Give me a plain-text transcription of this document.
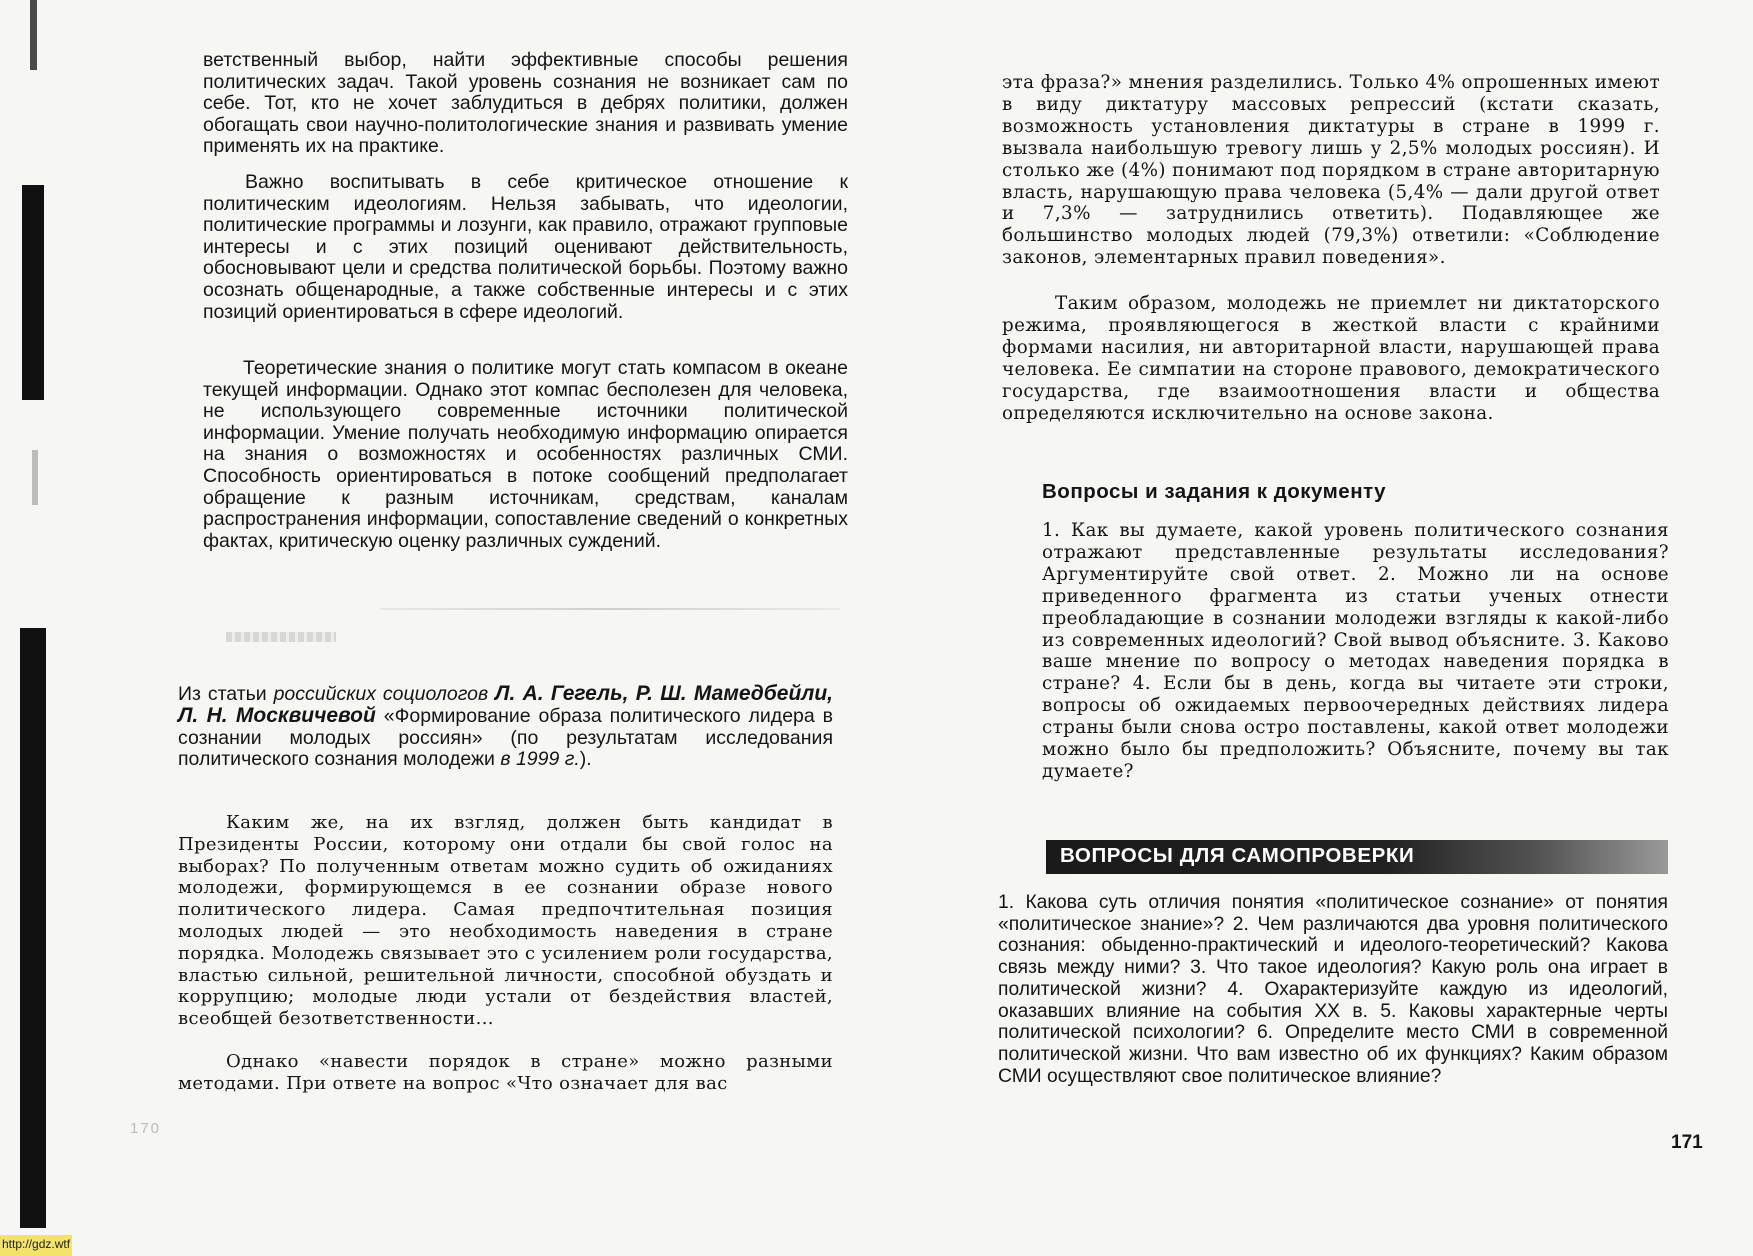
ветственный выбор, найти эффективные способы решения политических задач. Такой уровень сознания не возникает сам по себе. Тот, кто не хочет заблудиться в дебрях политики, должен обогащать свои научно-политологические знания и развивать умение применять их на практике.

Важно воспитывать в себе критическое отношение к политическим идеологиям. Нельзя забывать, что идеологии, политические программы и лозунги, как правило, отражают групповые интересы и с этих позиций оценивают действительность, обосновывают цели и средства политической борьбы. Поэтому важно осознать общенародные, а также собственные интересы и с этих позиций ориентироваться в сфере идеологий.

Теоретические знания о политике могут стать компасом в океане текущей информации. Однако этот компас бесполезен для человека, не использующего современные источники политической информации. Умение получать необходимую информацию опирается на знания о возможностях и особенностях различных СМИ. Способность ориентироваться в потоке сообщений предполагает обращение к разным источникам, средствам, каналам распространения информации, сопоставление сведений о конкретных фактах, критическую оценку различных суждений.

Из статьи российских социологов Л. А. Гегель, Р. Ш. Мамедбейли, Л. Н. Москвичевой «Формирование образа политического лидера в сознании молодых россиян» (по результатам исследования политического сознания молодежи в 1999 г.).

Каким же, на их взгляд, должен быть кандидат в Президенты России, которому они отдали бы свой голос на выборах? По полученным ответам можно судить об ожиданиях молодежи, формирующемся в ее сознании образе нового политического лидера. Самая предпочтительная позиция молодых людей — это необходимость наведения в стране порядка. Молодежь связывает это с усилением роли государства, властью сильной, решительной личности, способной обуздать и коррупцию; молодые люди устали от бездействия властей, всеобщей безответственности...

Однако «навести порядок в стране» можно разными методами. При ответе на вопрос «Что означает для вас

170

http://gdz.wtf

эта фраза?» мнения разделились. Только 4% опрошенных имеют в виду диктатуру массовых репрессий (кстати сказать, возможность установления диктатуры в стране в 1999 г. вызвала наибольшую тревогу лишь у 2,5% молодых россиян). И столько же (4%) понимают под порядком в стране авторитарную власть, нарушающую права человека (5,4% — дали другой ответ и 7,3% — затруднились ответить). Подавляющее же большинство молодых людей (79,3%) ответили: «Соблюдение законов, элементарных правил поведения».

Таким образом, молодежь не приемлет ни диктаторского режима, проявляющегося в жесткой власти с крайними формами насилия, ни авторитарной власти, нарушающей права человека. Ее симпатии на стороне правового, демократического государства, где взаимоотношения власти и общества определяются исключительно на основе закона.

Вопросы и задания к документу

1. Как вы думаете, какой уровень политического сознания отражают представленные результаты исследования? Аргументируйте свой ответ. 2. Можно ли на основе приведенного фрагмента из статьи ученых отнести преобладающие в сознании молодежи взгляды к какой-либо из современных идеологий? Свой вывод объясните. 3. Каково ваше мнение по вопросу о методах наведения порядка в стране? 4. Если бы в день, когда вы читаете эти строки, вопросы об ожидаемых первоочередных действиях лидера страны были снова остро поставлены, какой ответ молодежи можно было бы предположить? Объясните, почему вы так думаете?

ВОПРОСЫ ДЛЯ САМОПРОВЕРКИ

1. Какова суть отличия понятия «политическое сознание» от понятия «политическое знание»? 2. Чем различаются два уровня политического сознания: обыденно-практический и идеолого-теоретический? Какова связь между ними? 3. Что такое идеология? Какую роль она играет в политической жизни? 4. Охарактеризуйте каждую из идеологий, оказавших влияние на события XX в. 5. Каковы характерные черты политической психологии? 6. Определите место СМИ в современной политической жизни. Что вам известно об их функциях? Каким образом СМИ осуществляют свое политическое влияние?

171
